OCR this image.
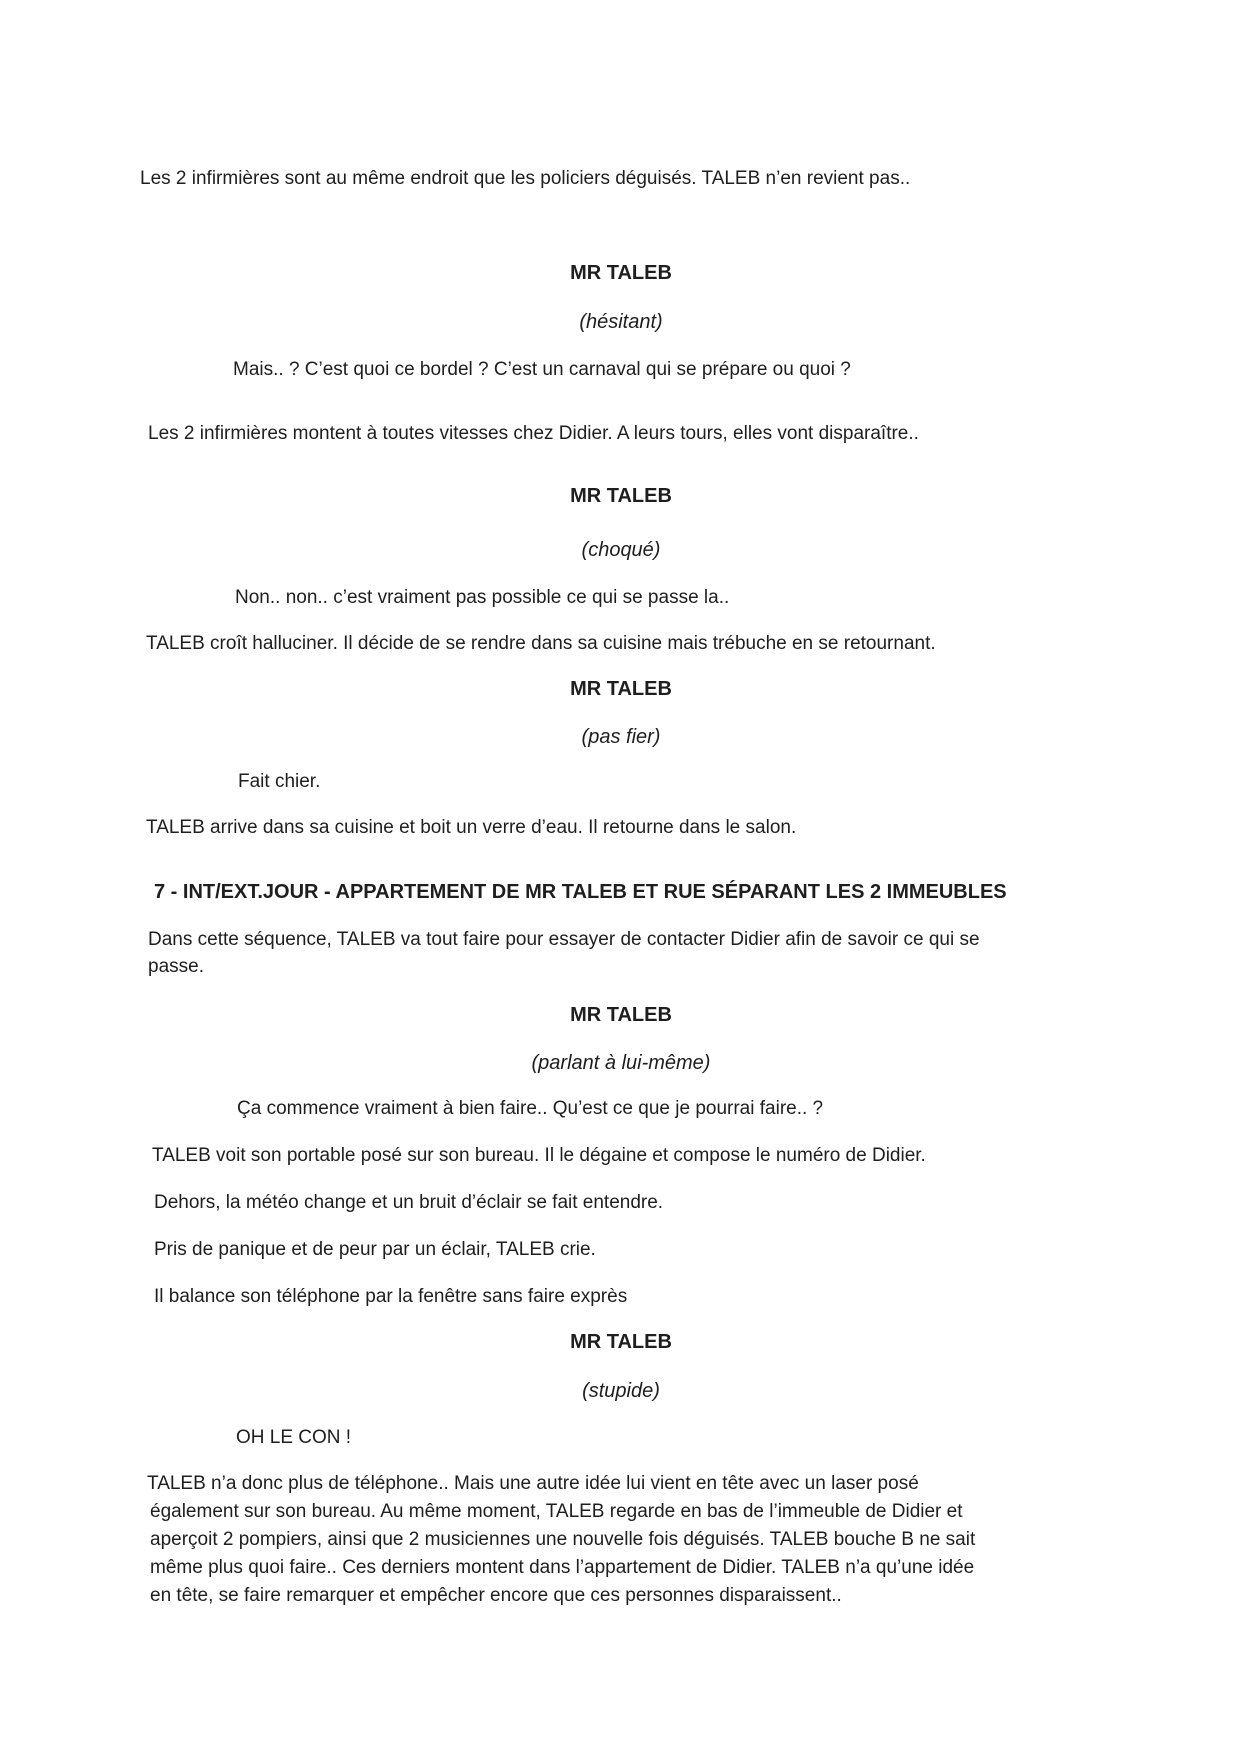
Les 2 infirmières sont au même endroit que les policiers déguisés. TALEB n’en revient pas..
MR TALEB
(hésitant)
Mais.. ? C’est quoi ce bordel ? C’est un carnaval qui se prépare ou quoi ?
Les 2 infirmières montent à toutes vitesses chez Didier. A leurs tours, elles vont disparaître..
MR TALEB
(choqué)
Non.. non.. c’est vraiment pas possible ce qui se passe la..
TALEB croît halluciner. Il décide de se rendre dans sa cuisine mais trébuche en se retournant.
MR TALEB
(pas fier)
Fait chier.
TALEB arrive dans sa cuisine et boit un verre d’eau. Il retourne dans le salon.
7 - INT/EXT.JOUR - APPARTEMENT DE MR TALEB ET RUE SÉPARANT LES 2 IMMEUBLES
Dans cette séquence, TALEB va tout faire pour essayer de contacter Didier afin de savoir ce qui se
passe.
MR TALEB
(parlant à lui-même)
Ça commence vraiment à bien faire.. Qu’est ce que je pourrai faire.. ?
TALEB voit son portable posé sur son bureau. Il le dégaine et compose le numéro de Didier.
Dehors, la météo change et un bruit d’éclair se fait entendre.
Pris de panique et de peur par un éclair, TALEB crie.
Il balance son téléphone par la fenêtre sans faire exprès
MR TALEB
(stupide)
OH LE CON !
TALEB n’a donc plus de téléphone.. Mais une autre idée lui vient en tête avec un laser posé
également sur son bureau. Au même moment, TALEB regarde en bas de l’immeuble de Didier et
aperçoit 2 pompiers, ainsi que 2 musiciennes une nouvelle fois déguisés. TALEB bouche B ne sait
même plus quoi faire.. Ces derniers montent dans l’appartement de Didier. TALEB n’a qu’une idée
en tête, se faire remarquer et empêcher encore que ces personnes disparaissent..
